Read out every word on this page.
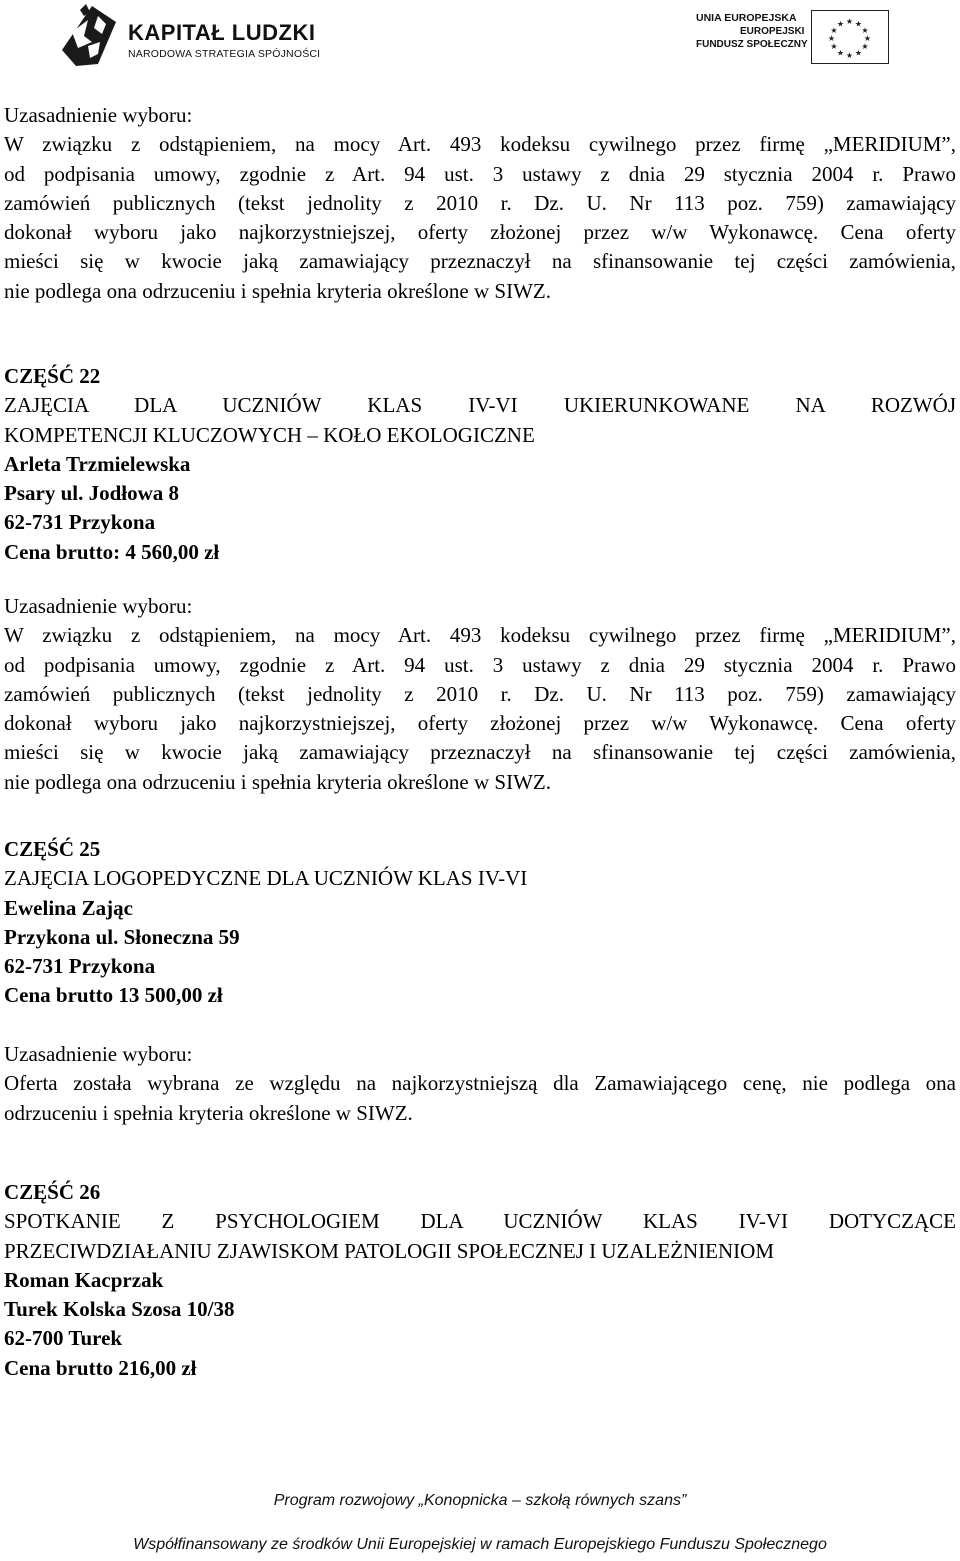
KAPITAŁ LUDZKI
NARODOWA STRATEGIA SPÓJNOŚCI
UNIA EUROPEJSKA
EUROPEJSKI
FUNDUSZ SPOŁECZNY
★ ★
★
★
★
★
★
★
★
★
★
★
Uzasadnienie wyboru:
W związku z odstąpieniem, na mocy Art. 493 kodeksu cywilnego przez firmę „MERIDIUM”,
od podpisania umowy, zgodnie z Art. 94 ust. 3 ustawy z dnia 29 stycznia 2004 r. Prawo
zamówień publicznych (tekst jednolity z 2010 r. Dz. U. Nr 113 poz. 759) zamawiający
dokonał wyboru jako najkorzystniejszej, oferty złożonej przez w/w Wykonawcę. Cena oferty
mieści się w kwocie jaką zamawiający przeznaczył na sfinansowanie tej części zamówienia,
nie podlega ona odrzuceniu i spełnia kryteria określone w SIWZ.
CZĘŚĆ 22
ZAJĘCIA DLA UCZNIÓW KLAS IV-VI UKIERUNKOWANE NA ROZWÓJ
KOMPETENCJI KLUCZOWYCH – KOŁO EKOLOGICZNE
Arleta Trzmielewska
Psary ul. Jodłowa 8
62-731 Przykona
Cena brutto: 4 560,00 zł
Uzasadnienie wyboru:
W związku z odstąpieniem, na mocy Art. 493 kodeksu cywilnego przez firmę „MERIDIUM”,
od podpisania umowy, zgodnie z Art. 94 ust. 3 ustawy z dnia 29 stycznia 2004 r. Prawo
zamówień publicznych (tekst jednolity z 2010 r. Dz. U. Nr 113 poz. 759) zamawiający
dokonał wyboru jako najkorzystniejszej, oferty złożonej przez w/w Wykonawcę. Cena oferty
mieści się w kwocie jaką zamawiający przeznaczył na sfinansowanie tej części zamówienia,
nie podlega ona odrzuceniu i spełnia kryteria określone w SIWZ.
CZĘŚĆ 25
ZAJĘCIA LOGOPEDYCZNE DLA UCZNIÓW KLAS IV-VI
Ewelina Zając
Przykona ul. Słoneczna 59
62-731 Przykona
Cena brutto 13 500,00 zł
Uzasadnienie wyboru:
Oferta została wybrana ze względu na najkorzystniejszą dla Zamawiającego cenę, nie podlega ona
odrzuceniu i spełnia kryteria określone w SIWZ.
CZĘŚĆ 26
SPOTKANIE Z PSYCHOLOGIEM DLA UCZNIÓW KLAS IV-VI DOTYCZĄCE
PRZECIWDZIAŁANIU ZJAWISKOM PATOLOGII SPOŁECZNEJ I UZALEŻNIENIOM
Roman Kacprzak
Turek Kolska Szosa 10/38
62-700 Turek
Cena brutto 216,00 zł
Program rozwojowy „Konopnicka – szkołą równych szans”
Współfinansowany ze środków Unii Europejskiej w ramach Europejskiego Funduszu Społecznego
